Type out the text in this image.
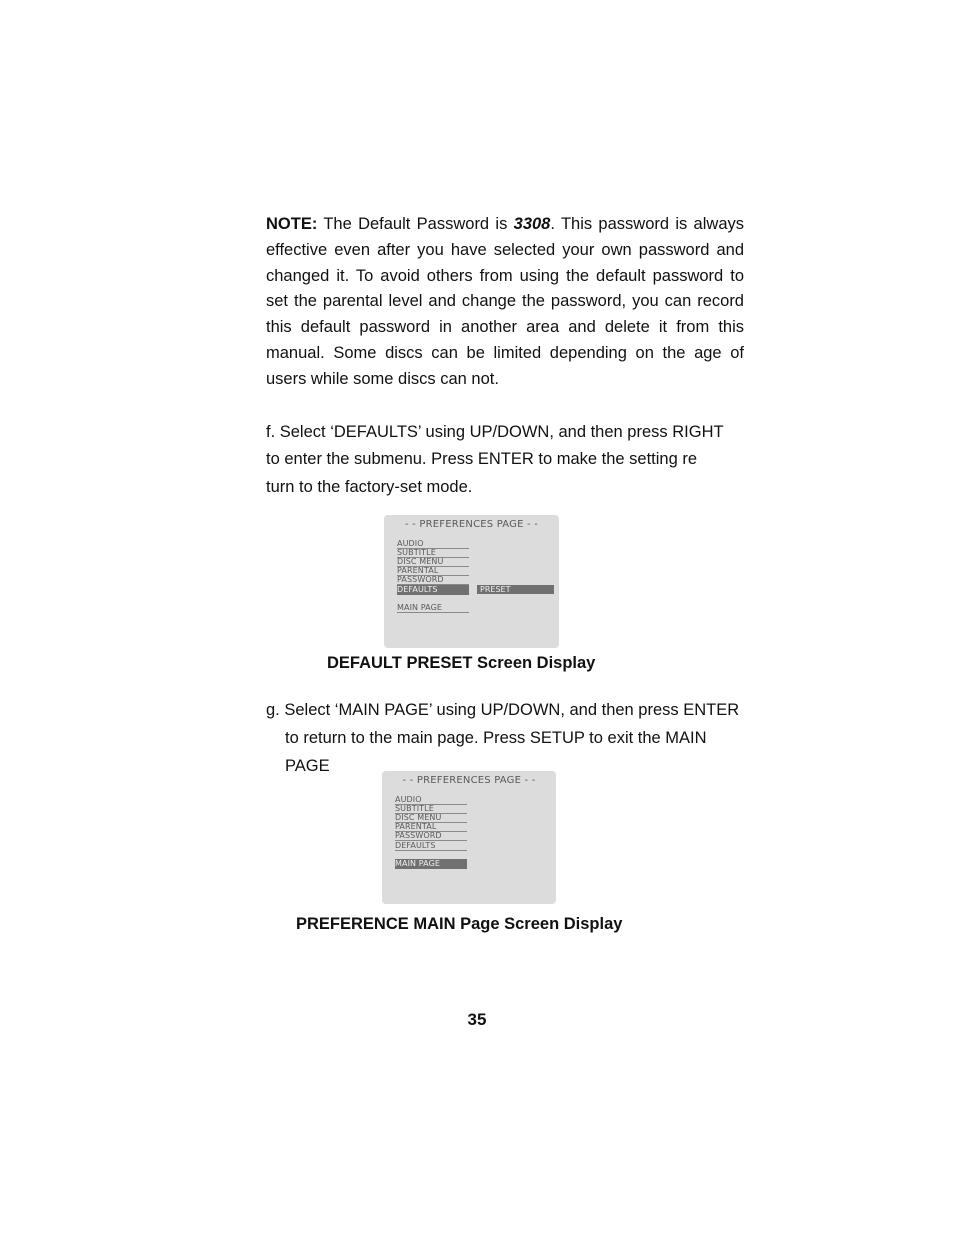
NOTE: The Default Password is 3308. This password is always effective even after you have selected your own password and changed it. To avoid others from using the default password to set the parental level and change the password, you can record this default password in another area and delete it from this manual. Some discs can be limited depending on the age of users while some discs can not.

f. Select ‘DEFAULTS’ using UP/DOWN, and then press RIGHT
to enter the submenu. Press ENTER to make the setting re
turn to the factory-set mode.
- - PREFERENCES PAGE - -
AUDIO
SUBTITLE
DISC MENU
PARENTAL
PASSWORD
DEFAULTS	PRESET
MAIN PAGE

DEFAULT PRESET Screen Display

g. Select ‘MAIN PAGE’ using UP/DOWN, and then press ENTER
to return to the main page. Press SETUP to exit the MAIN
PAGE
- - PREFERENCES PAGE - -
AUDIO
SUBTITLE
DISC MENU
PARENTAL
PASSWORD
DEFAULTS
MAIN PAGE

PREFERENCE MAIN Page Screen Display

35
